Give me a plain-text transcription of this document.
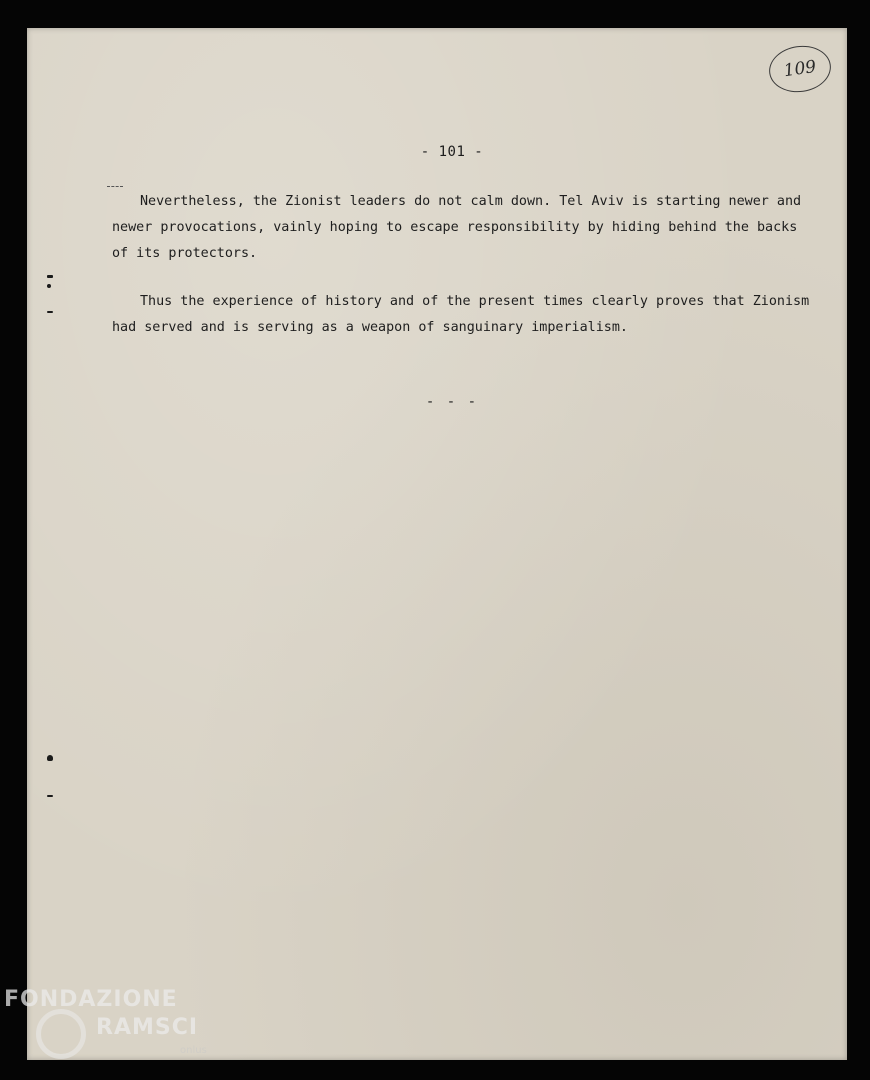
109
- 101 -

Nevertheless, the Zionist leaders do not calm down. Tel Aviv is starting newer and newer provocations, vainly hoping to escape responsibility by hiding behind the backs of its protectors.

Thus the experience of history and of the present times clearly proves that Zionism had served and is serving as a weapon of sanguinary imperialism.

- - -
FONDAZIONE
RAMSCI
onlus
